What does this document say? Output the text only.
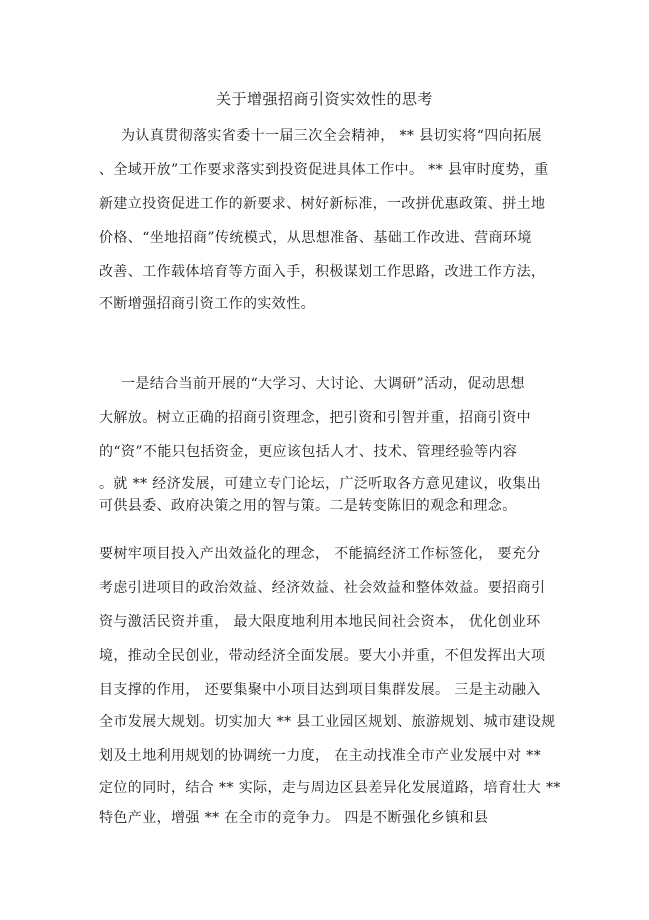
关于增强招商引资实效性的思考

为认真贯彻落实省委十一届三次全会精神， ** 县切实将“四向拓展

、全域开放”工作要求落实到投资促进具体工作中。 ** 县审时度势，重

新建立投资促进工作的新要求、树好新标准，一改拼优惠政策、拼土地

价格、“坐地招商”传统模式，从思想准备、基础工作改进、营商环境

改善、工作载体培育等方面入手，积极谋划工作思路，改进工作方法，

不断增强招商引资工作的实效性。

一是结合当前开展的“大学习、大讨论、大调研”活动，促动思想

大解放。树立正确的招商引资理念，把引资和引智并重，招商引资中

的“资”不能只包括资金，更应该包括人才、技术、管理经验等内容

。就 ** 经济发展，可建立专门论坛，广泛听取各方意见建议，收集出

可供县委、政府决策之用的智与策。二是转变陈旧的观念和理念。

要树牢项目投入产出效益化的理念， 不能搞经济工作标签化， 要充分

考虑引进项目的政治效益、经济效益、社会效益和整体效益。要招商引

资与激活民资并重， 最大限度地利用本地民间社会资本， 优化创业环

境，推动全民创业，带动经济全面发展。要大小并重，不但发挥出大项

目支撑的作用， 还要集聚中小项目达到项目集群发展。 三是主动融入

全市发展大规划。切实加大 ** 县工业园区规划、旅游规划、城市建设规

划及土地利用规划的协调统一力度， 在主动找准全市产业发展中对 **

定位的同时，结合 ** 实际，走与周边区县差异化发展道路，培育壮大 **

特色产业，增强 ** 在全市的竞争力。 四是不断强化乡镇和县
